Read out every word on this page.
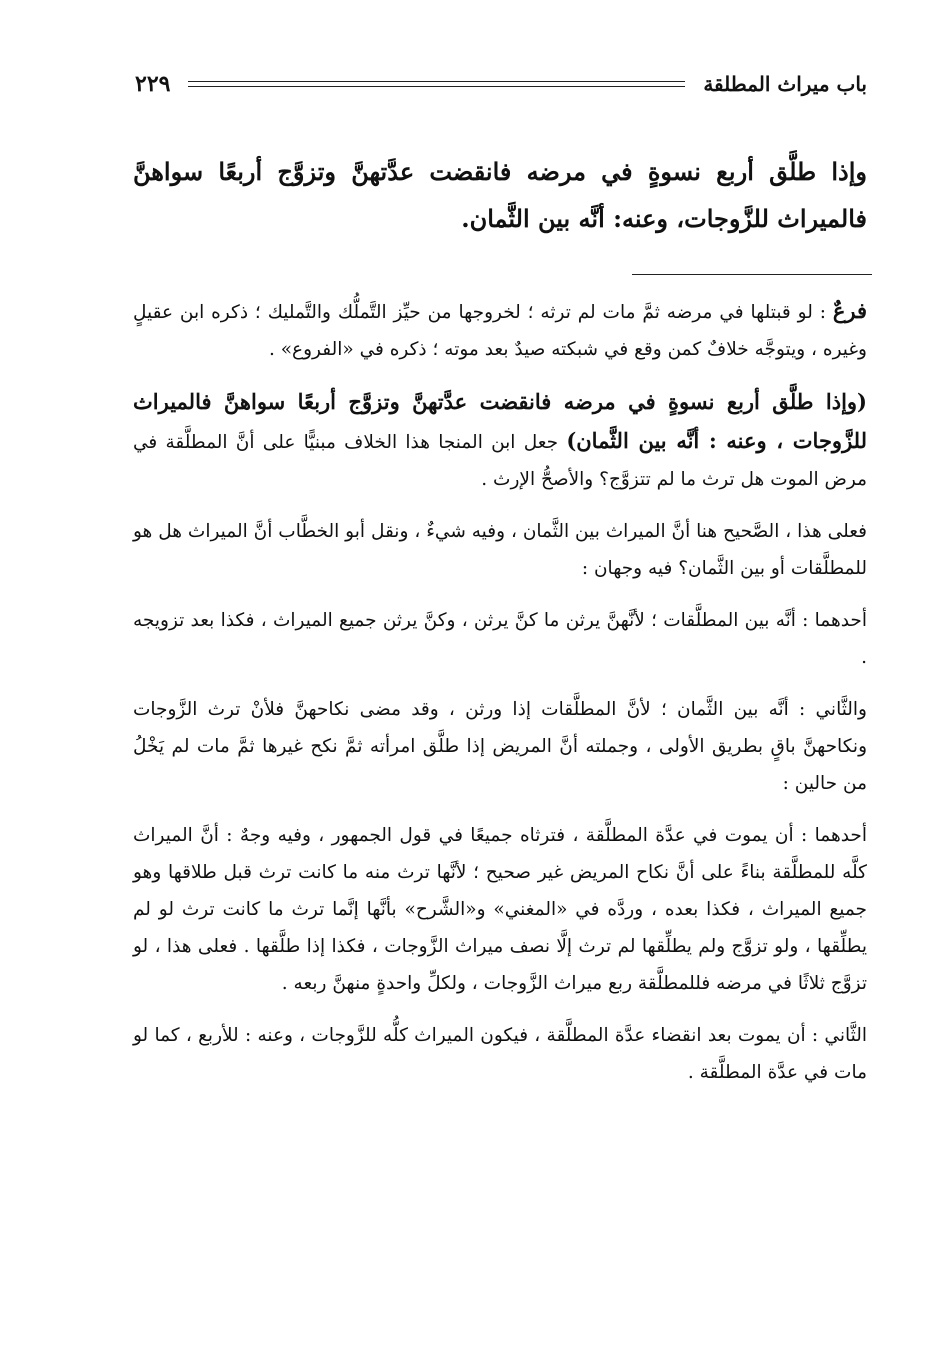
باب ميراث المطلقة
٢٢٩

وإذا طلَّق أربع نسوةٍ في مرضه فانقضت عدَّتهنَّ وتزوَّج أربعًا سواهنَّ فالميراث للزَّوجات، وعنه: أنَّه بين الثَّمان.

فرعٌ : لو قبتلها في مرضه ثمَّ مات لم ترثه ؛ لخروجها من حيِّز التَّملُّك والتَّمليك ؛ ذكره ابن عقيلٍ وغيره ، ويتوجَّه خلافٌ كمن وقع في شبكته صيدٌ بعد موته ؛ ذكره في «الفروع» .

(وإذا طلَّق أربع نسوةٍ في مرضه فانقضت عدَّتهنَّ وتزوَّج أربعًا سواهنَّ فالميراث للزَّوجات ، وعنه : أنَّه بين الثَّمان) جعل ابن المنجا هذا الخلاف مبنيًّا على أنَّ المطلَّقة في مرض الموت هل ترث ما لم تتزوَّج؟ والأصحُّ الإرث .

فعلى هذا ، الصَّحيح هنا أنَّ الميراث بين الثَّمان ، وفيه شيءٌ ، ونقل أبو الخطَّاب أنَّ الميراث هل هو للمطلَّقات أو بين الثَّمان؟ فيه وجهان :

أحدهما : أنَّه بين المطلَّقات ؛ لأنَّهنَّ يرثن ما كنَّ يرثن ، وكنَّ يرثن جميع الميراث ، فكذا بعد تزويجه .

والثَّاني : أنَّه بين الثَّمان ؛ لأنَّ المطلَّقات إذا ورثن ، وقد مضى نكاحهنَّ فلأنْ ترث الزَّوجات ونكاحهنَّ باقٍ بطريق الأولى ، وجملته أنَّ المريض إذا طلَّق امرأته ثمَّ نكح غيرها ثمَّ مات لم يَخْلُ من حالين :

أحدهما : أن يموت في عدَّة المطلَّقة ، فترثاه جميعًا في قول الجمهور ، وفيه وجهٌ : أنَّ الميراث كلَّه للمطلَّقة بناءً على أنَّ نكاح المريض غير صحيح ؛ لأنَّها ترث منه ما كانت ترث قبل طلاقها وهو جميع الميراث ، فكذا بعده ، وردَّه في «المغني» و«الشَّرح» بأنَّها إنَّما ترث ما كانت ترث لو لم يطلِّقها ، ولو تزوَّج ولم يطلِّقها لم ترث إلَّا نصف ميراث الزَّوجات ، فكذا إذا طلَّقها . فعلى هذا ، لو تزوَّج ثلاثًا في مرضه فللمطلَّقة ربع ميراث الزَّوجات ، ولكلِّ واحدةٍ منهنَّ ربعه .

الثَّاني : أن يموت بعد انقضاء عدَّة المطلَّقة ، فيكون الميراث كلُّه للزَّوجات ، وعنه : للأربع ، كما لو مات في عدَّة المطلَّقة .
